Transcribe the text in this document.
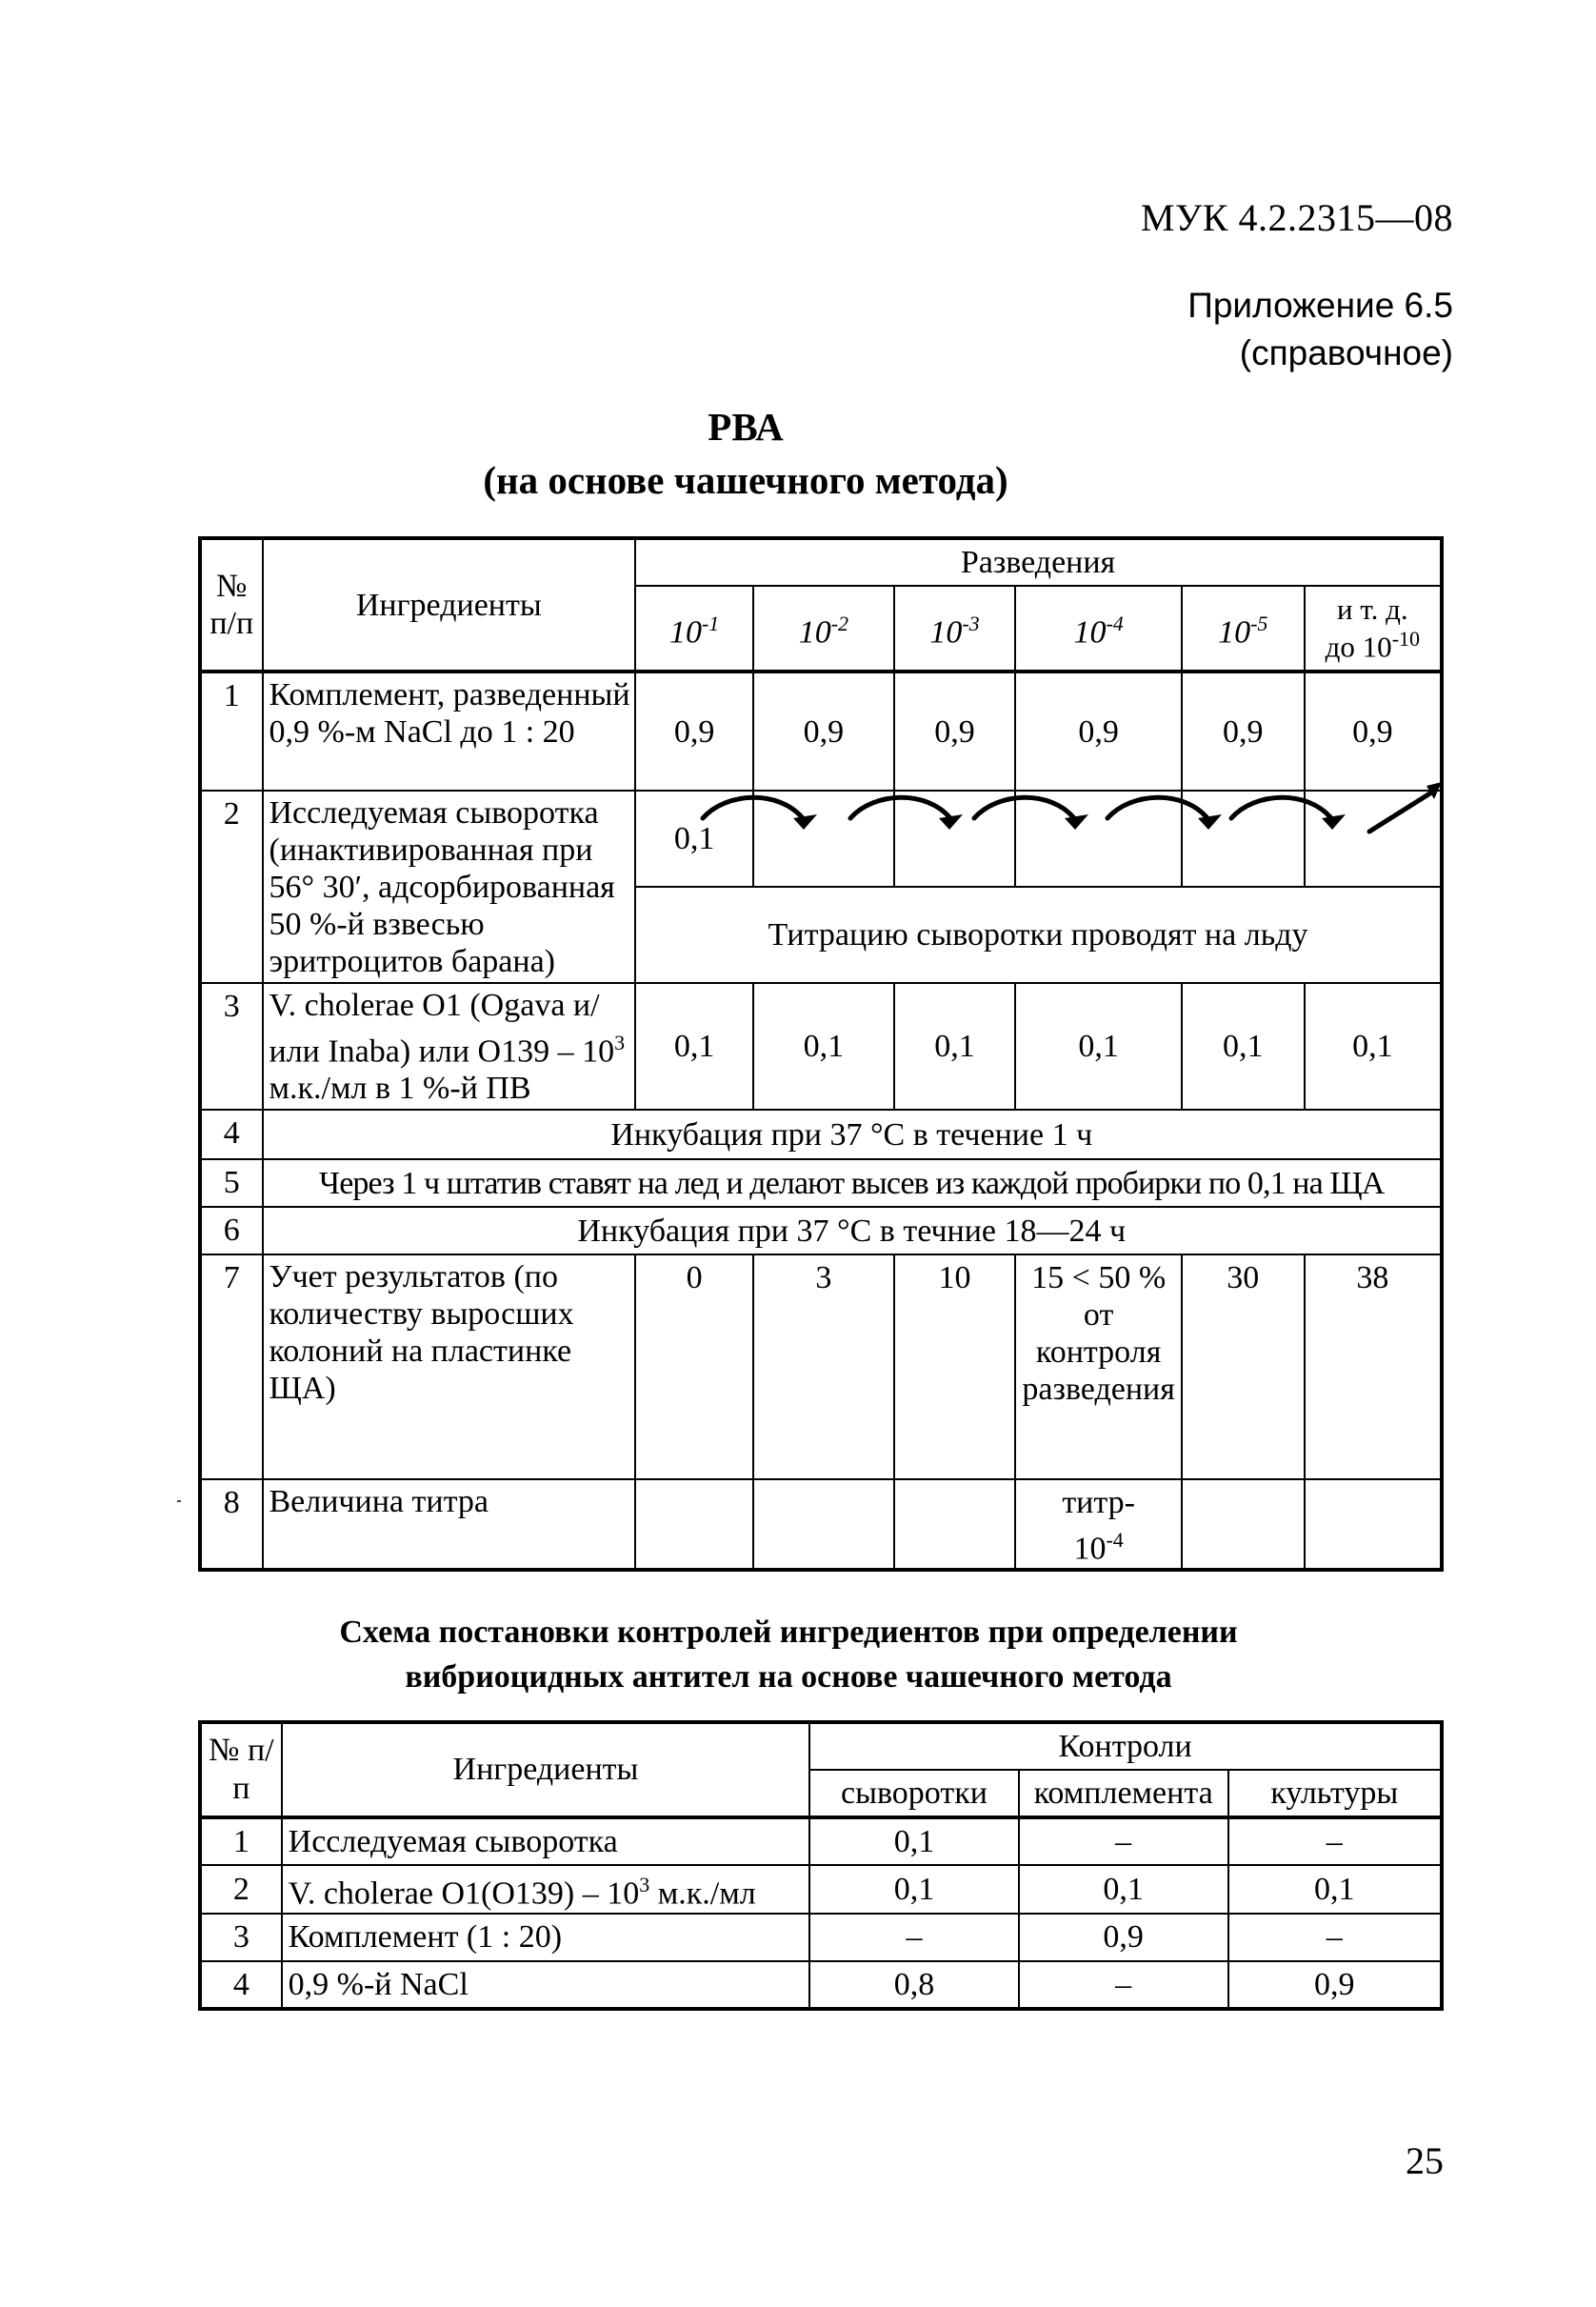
МУК 4.2.2315—08
Приложение 6.5
(справочное)
РВА
(на основе чашечного метода)
№ п/п	Ингредиенты	Разведения					
		$10^{-1}$	$10^{-2}$	$10^{-3}$	$10^{-4}$	$10^{-5}$	и т. д.
до $10^{-10}$

1	Комплемент, разведенный 0,9 %-м NaCl до 1 : 20	0,9	0,9	0,9	0,9	0,9	0,9
2	Исследуемая сыворотка (инактивированная при 56° 30′, адсорбированная 50 %-й взвесью эритроцитов барана)	0,1

		Титрацию сыворотки проводят на льду					
3	V. cholerae O1 (Ogava и/или Inaba) или $O139 - 10^3$ м.к./мл в 1 %-й ПВ	0,1	0,1	0,1	0,1	0,1	0,1
4	Инкубация при 37 °С в течение 1 ч						
5	Через 1 ч штатив ставят на лед и делают высев из каждой пробирки по 0,1 на ЩА						
6	Инкубация при 37 °С в течние 18—24 ч						
7	Учет результатов (по количеству выросших колоний на пластинке ЩА)	0	3	10	15 < 50 % от контроля разведения	30	38
8	Величина титра				титр-
$10^{-4}$

Схема постановки контролей ингредиентов при определении
вибриоцидных антител на основе чашечного метода
№ п/п	Ингредиенты	Контроли		
		сыворотки	комплемента	культуры
1	Исследуемая сыворотка	0,1	–	–
2	V. cholerae $O1(O139) - 10^3$ м.к./мл	0,1	0,1	0,1
3	Комплемент (1 : 20)	–	0,9	–
4	0,9 %-й NaCl	0,8	–	0,9
25
